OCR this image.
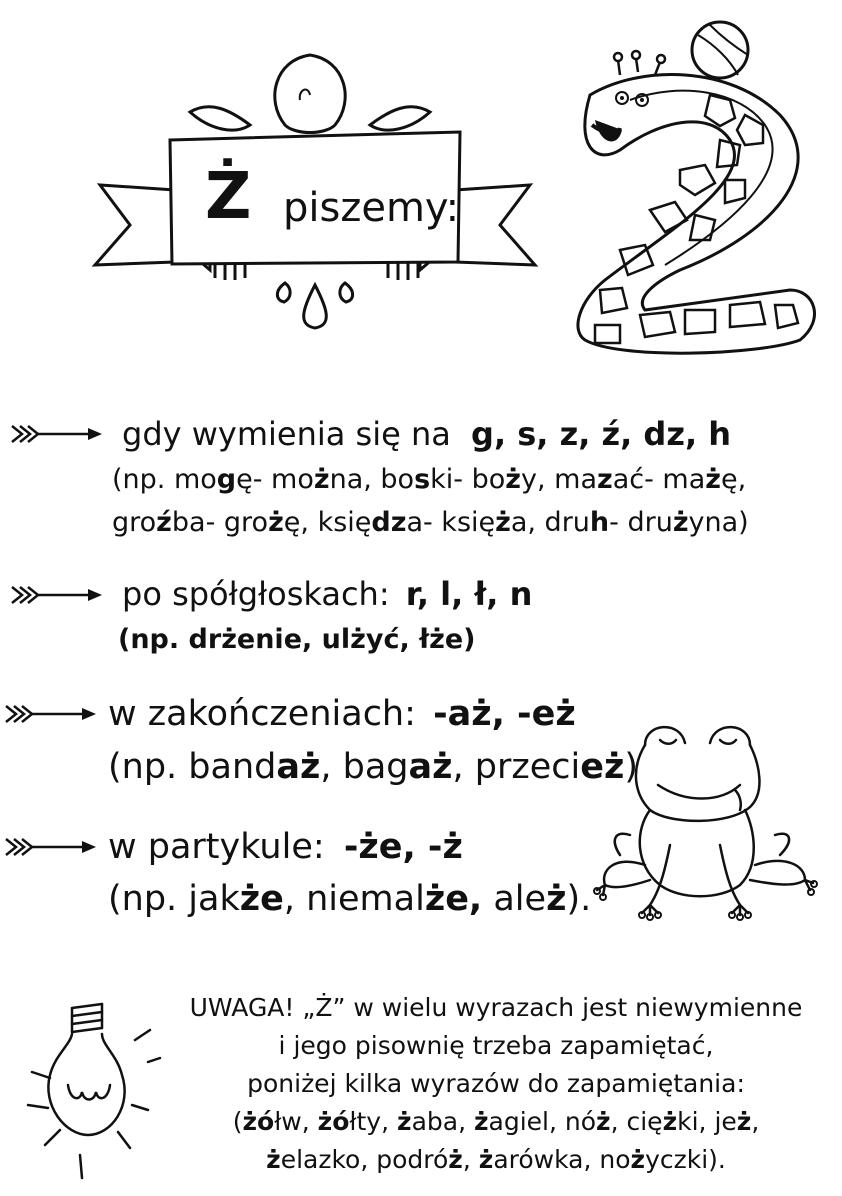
Ż piszemy:
gdy wymienia się na g, s, z, ź, dz, h
(np. mogę- można, boski- boży, mazać- mażę,
groźba- grożę, księdza- księża, druh- drużyna)
po spółgłoskach: r, l, ł, n
(np. drżenie, ulżyć, łże)
w zakończeniach: -aż, -eż
(np. bandaż, bagaż, przecież)
w partykule: -że, -ż
(np. jakże, niemalże, ależ).
UWAGA! „Ż” w wielu wyrazach jest niewymienne
i jego pisownię trzeba zapamiętać,
poniżej kilka wyrazów do zapamiętania:
(żółw, żółty, żaba, żagiel, nóż, ciężki, jeż,
żelazko, podróż, żarówka, nożyczki).
